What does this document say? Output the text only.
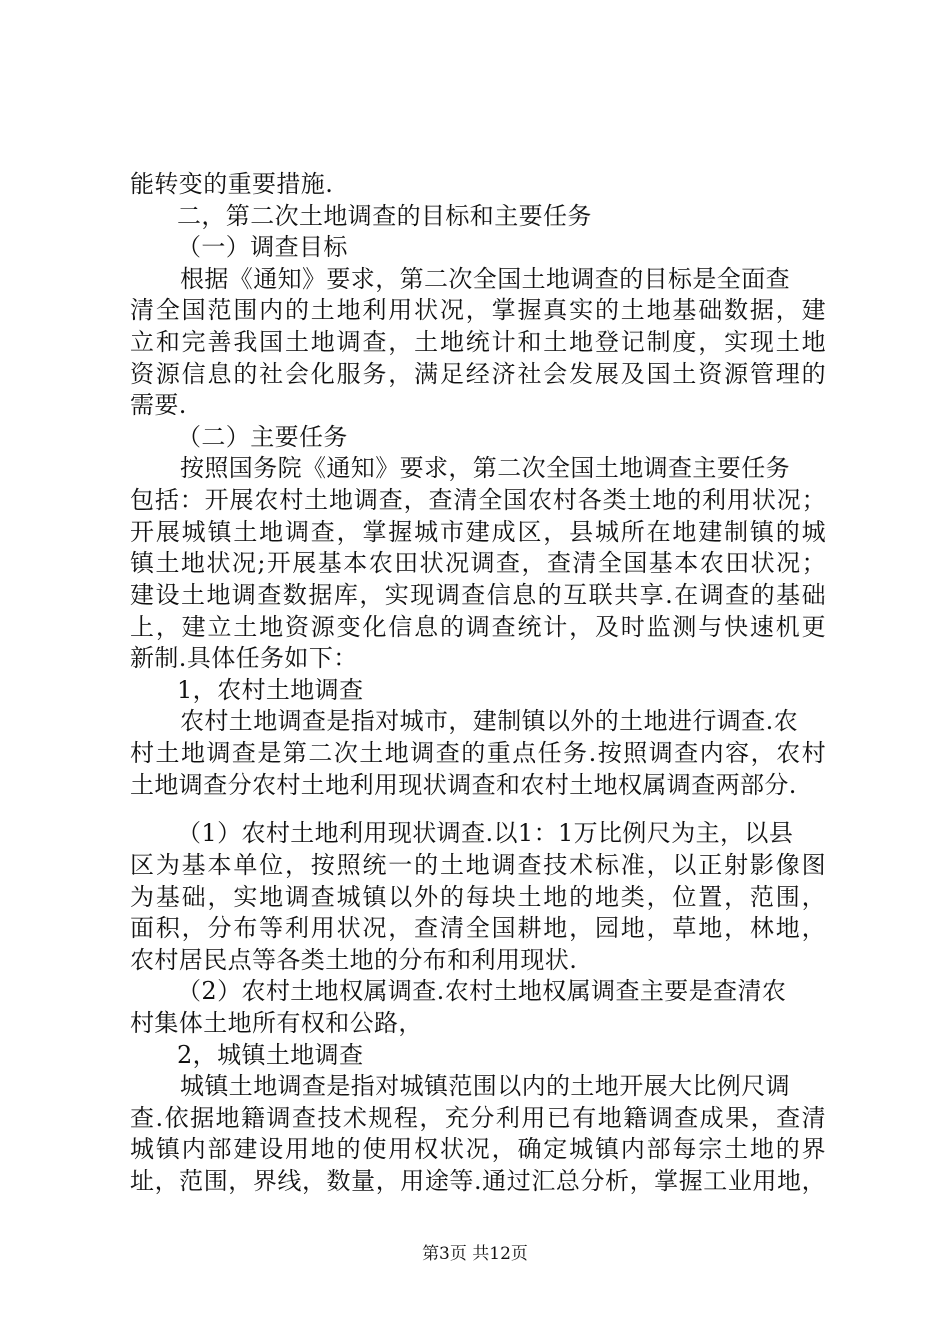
能转变的重要措施.
二，第二次土地调查的目标和主要任务
（一）调查目标
根据《通知》要求，第二次全国土地调查的目标是全面查
清全国范围内的土地利用状况，掌握真实的土地基础数据，建
立和完善我国土地调查，土地统计和土地登记制度，实现土地
资源信息的社会化服务，满足经济社会发展及国土资源管理的
需要.
（二）主要任务
按照国务院《通知》要求，第二次全国土地调查主要任务
包括：开展农村土地调查，查清全国农村各类土地的利用状况；
开展城镇土地调查，掌握城市建成区，县城所在地建制镇的城
镇土地状况;开展基本农田状况调查，查清全国基本农田状况；
建设土地调查数据库，实现调查信息的互联共享.在调查的基础
上，建立土地资源变化信息的调查统计，及时监测与快速机更
新制.具体任务如下：
1，农村土地调查
农村土地调查是指对城市，建制镇以外的土地进行调查.农
村土地调查是第二次土地调查的重点任务.按照调查内容，农村
土地调查分农村土地利用现状调查和农村土地权属调查两部分.
（1）农村土地利用现状调查.以1：1万比例尺为主，以县
区为基本单位，按照统一的土地调查技术标准，以正射影像图
为基础，实地调查城镇以外的每块土地的地类，位置，范围，
面积，分布等利用状况，查清全国耕地，园地，草地，林地，
农村居民点等各类土地的分布和利用现状.
（2）农村土地权属调查.农村土地权属调查主要是查清农
村集体土地所有权和公路，
2，城镇土地调查
城镇土地调查是指对城镇范围以内的土地开展大比例尺调
查.依据地籍调查技术规程，充分利用已有地籍调查成果，查清
城镇内部建设用地的使用权状况，确定城镇内部每宗土地的界
址，范围，界线，数量，用途等.通过汇总分析，掌握工业用地，
第3页 共12页
